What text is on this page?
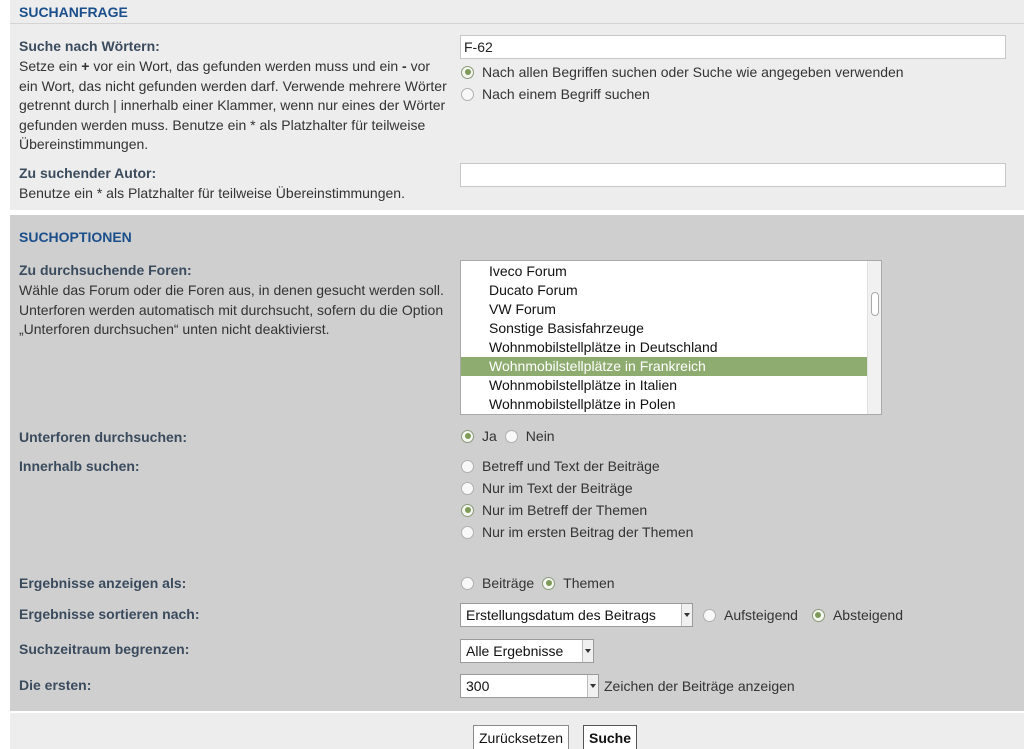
SUCHANFRAGE
Suche nach Wörtern:
Setze ein + vor ein Wort, das gefunden werden muss und ein - vor ein Wort, das nicht gefunden werden darf. Verwende mehrere Wörter getrennt durch | innerhalb einer Klammer, wenn nur eines der Wörter gefunden werden muss. Benutze ein * als Platzhalter für teilweise Übereinstimmungen.
F-62
Nach allen Begriffen suchen oder Suche wie angegeben verwenden
Nach einem Begriff suchen
Zu suchender Autor:
Benutze ein * als Platzhalter für teilweise Übereinstimmungen.
SUCHOPTIONEN
Zu durchsuchende Foren:
Wähle das Forum oder die Foren aus, in denen gesucht werden soll. Unterforen werden automatisch mit durchsucht, sofern du die Option „Unterforen durchsuchen“ unten nicht deaktivierst.
Iveco Forum
Ducato Forum
VW Forum
Sonstige Basisfahrzeuge
Wohnmobilstellplätze in Deutschland
Wohnmobilstellplätze in Frankreich
Wohnmobilstellplätze in Italien
Wohnmobilstellplätze in Polen
Unterforen durchsuchen:	Ja Nein
Innerhalb suchen:	Betreff und Text der Beiträge
Nur im Text der Beiträge
Nur im Betreff der Themen
Nur im ersten Beitrag der Themen
Ergebnisse anzeigen als:	Beiträge Themen
Ergebnisse sortieren nach:	Erstellungsdatum des Beitrags	Aufsteigend	Absteigend
Suchzeitraum begrenzen:	Alle Ergebnisse
Die ersten:	300	Zeichen der Beiträge anzeigen
Zurücksetzen	Suche
